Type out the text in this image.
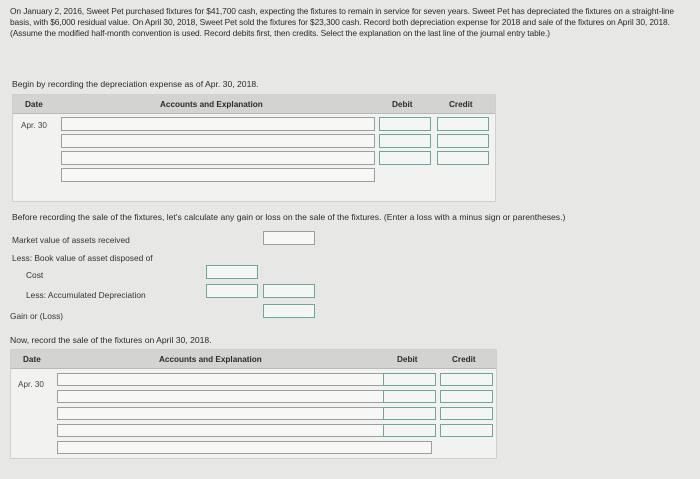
On January 2, 2016, Sweet Pet purchased fixtures for $41,700 cash, expecting the fixtures to remain in service for seven years. Sweet Pet has depreciated the fixtures on a straight-line basis, with $6,000 residual value. On April 30, 2018, Sweet Pet sold the fixtures for $23,300 cash. Record both depreciation expense for 2018 and sale of the fixtures on April 30, 2018. (Assume the modified half-month convention is used. Record debits first, then credits. Select the explanation on the last line of the journal entry table.)
Begin by recording the depreciation expense as of Apr. 30, 2018.
Date	Accounts and Explanation	Debit	Credit
Apr. 30
Before recording the sale of the fixtures, let's calculate any gain or loss on the sale of the fixtures. (Enter a loss with a minus sign or parentheses.)
Market value of assets received
Less: Book value of asset disposed of
Cost
Less: Accumulated Depreciation
Gain or (Loss)
Now, record the sale of the fixtures on April 30, 2018.
Date	Accounts and Explanation	Debit	Credit
Apr. 30
